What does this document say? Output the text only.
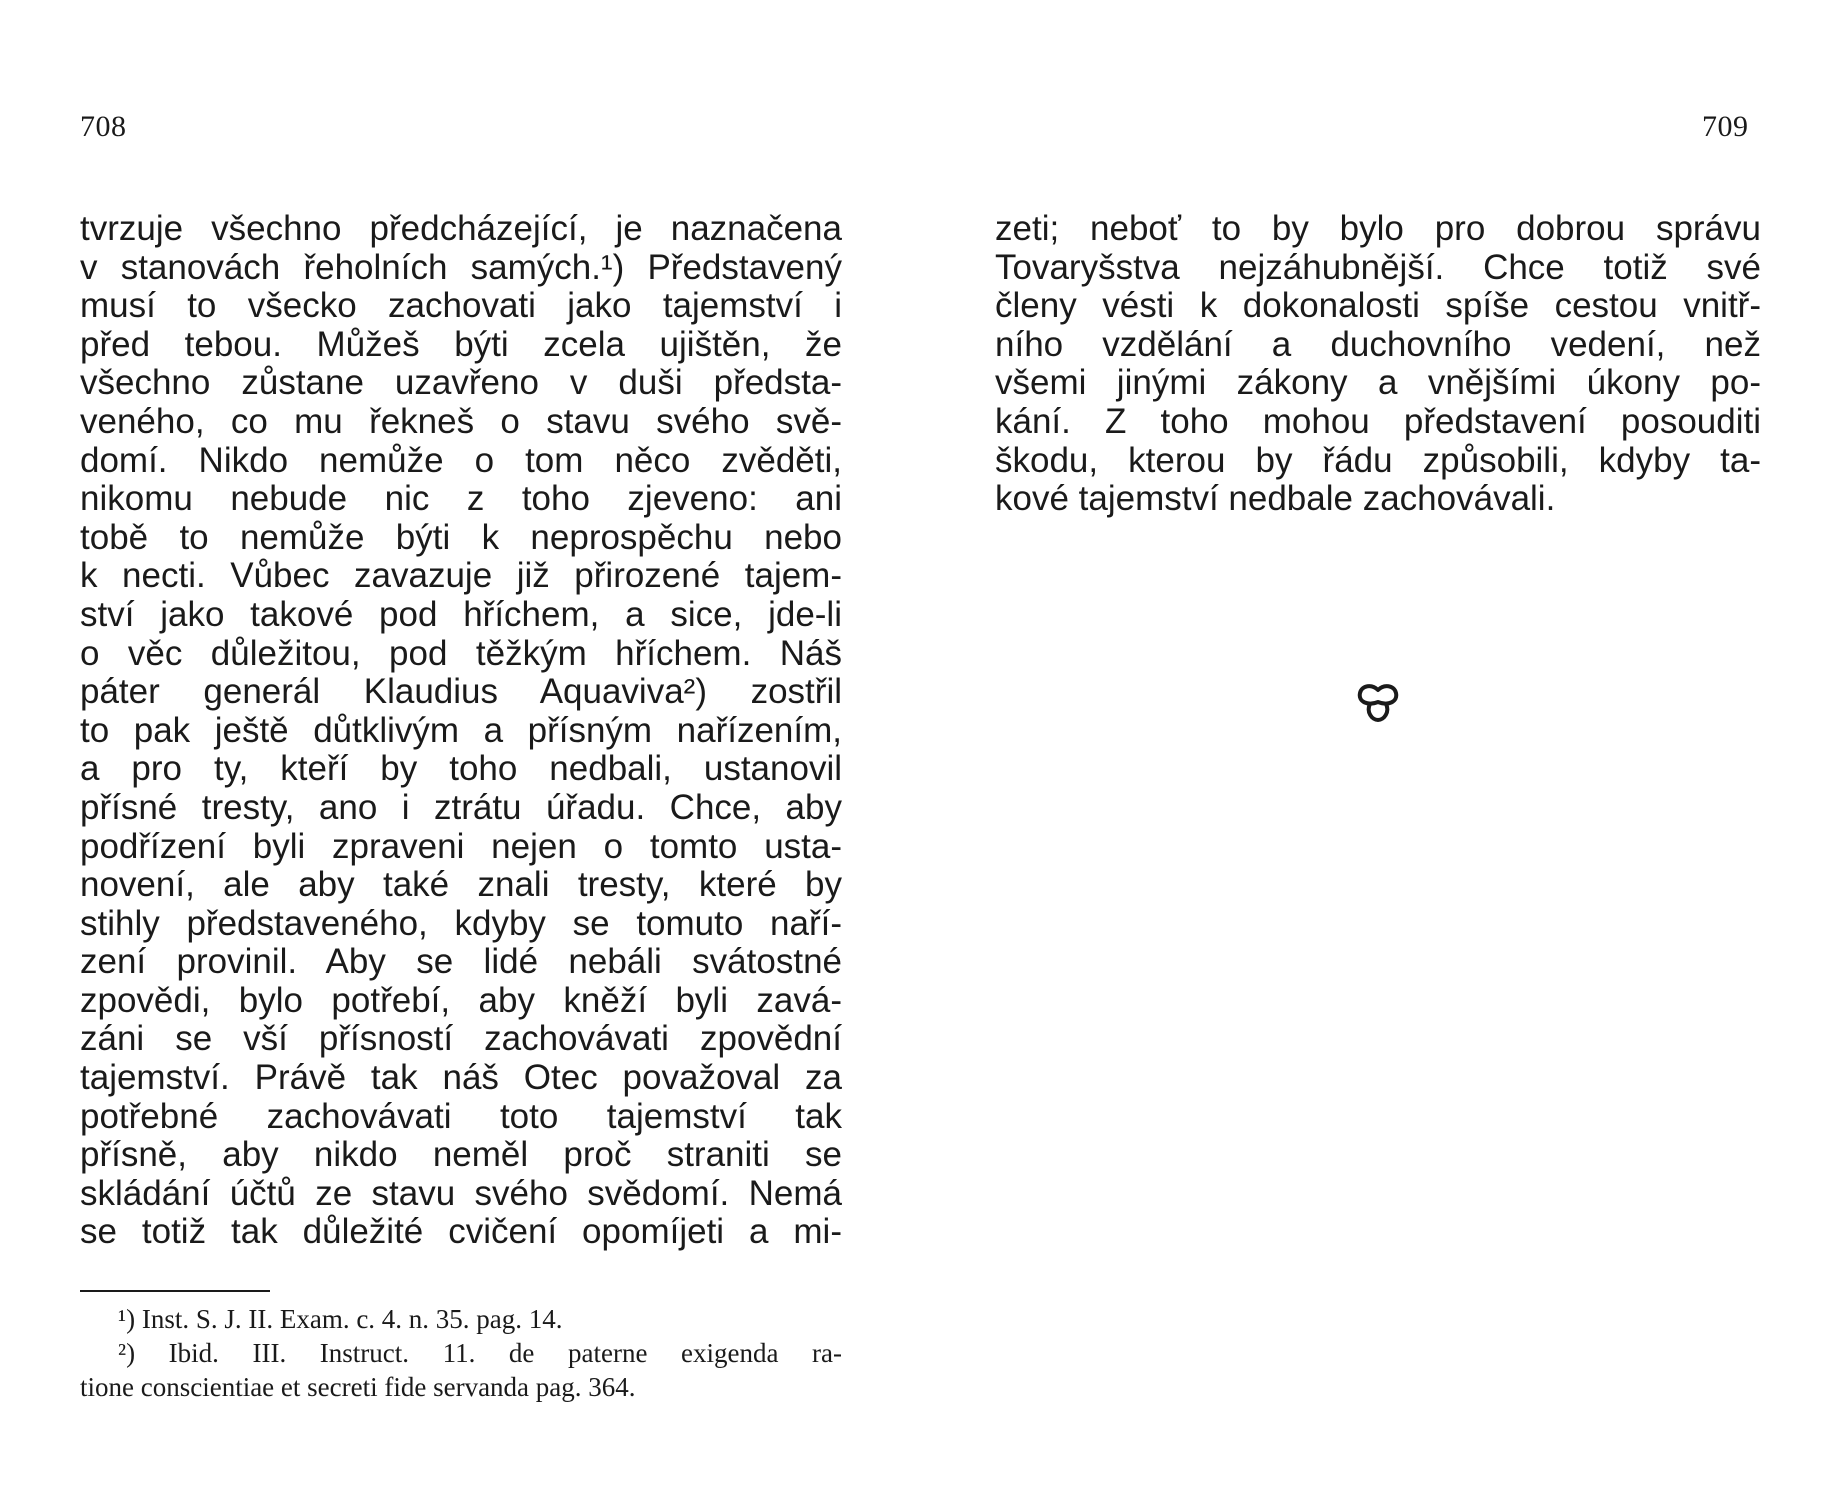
708	709
tvrzuje všechno předcházející, je naznačena
v stanovách řeholních samých.¹) Představený
musí to všecko zachovati jako tajemství i
před tebou. Můžeš býti zcela ujištěn, že
všechno zůstane uzavřeno v duši předsta-
veného, co mu řekneš o stavu svého svě-
domí. Nikdo nemůže o tom něco zvěděti,
nikomu nebude nic z toho zjeveno: ani
tobě to nemůže býti k neprospěchu nebo
k necti. Vůbec zavazuje již přirozené tajem-
ství jako takové pod hříchem, a sice, jde-li
o věc důležitou, pod těžkým hříchem. Náš
páter generál Klaudius Aquaviva²) zostřil
to pak ještě důtklivým a přísným nařízením,
a pro ty, kteří by toho nedbali, ustanovil
přísné tresty, ano i ztrátu úřadu. Chce, aby
podřízení byli zpraveni nejen o tomto usta-
novení, ale aby také znali tresty, které by
stihly představeného, kdyby se tomuto naří-
zení provinil. Aby se lidé nebáli svátostné
zpovědi, bylo potřebí, aby kněží byli zavá-
záni se vší přísností zachovávati zpovědní
tajemství. Právě tak náš Otec považoval za
potřebné zachovávati toto tajemství tak
přísně, aby nikdo neměl proč straniti se
skládání účtů ze stavu svého svědomí. Nemá
se totiž tak důležité cvičení opomíjeti a mi-
¹) Inst. S. J. II. Exam. c. 4. n. 35. pag. 14.
²) Ibid. III. Instruct. 11. de paterne exigenda ra-
tione conscientiae et secreti fide servanda pag. 364.
zeti; neboť to by bylo pro dobrou správu
Tovaryšstva nejzáhubnější. Chce totiž své
členy vésti k dokonalosti spíše cestou vnitř-
ního vzdělání a duchovního vedení, než
všemi jinými zákony a vnějšími úkony po-
kání. Z toho mohou představení posouditi
škodu, kterou by řádu způsobili, kdyby ta-
kové tajemství nedbale zachovávali.
